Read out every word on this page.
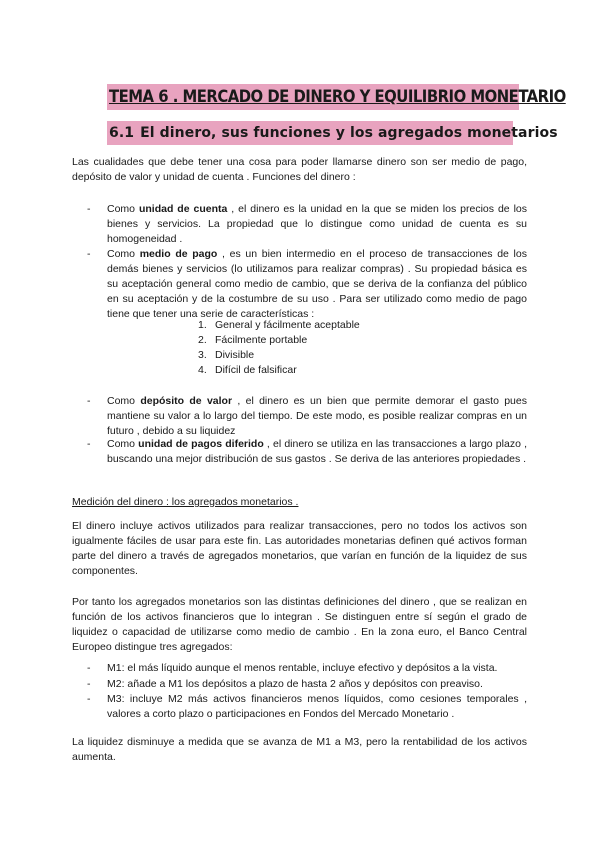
TEMA 6 . MERCADO DE DINERO Y EQUILIBRIO MONETARIO
6.1 El dinero, sus funciones y los agregados monetarios
Las cualidades que debe tener una cosa para poder llamarse dinero son ser medio de pago, depósito de valor y unidad de cuenta . Funciones del dinero :
- Como unidad de cuenta , el dinero es la unidad en la que se miden los precios de los bienes y servicios. La propiedad que lo distingue como unidad de cuenta es su homogeneidad .
- Como medio de pago , es un bien intermedio en el proceso de transacciones de los demás bienes y servicios (lo utilizamos para realizar compras) . Su propiedad básica es su aceptación general como medio de cambio, que se deriva de la confianza del público en su aceptación y de la costumbre de su uso . Para ser utilizado como medio de pago tiene que tener una serie de características :
1. General y fácilmente aceptable
2. Fácilmente portable
3. Divisible
4. Difícil de falsificar
- Como depósito de valor , el dinero es un bien que permite demorar el gasto pues mantiene su valor a lo largo del tiempo. De este modo, es posible realizar compras en un futuro , debido a su liquidez
- Como unidad de pagos diferido , el dinero se utiliza en las transacciones a largo plazo , buscando una mejor distribución de sus gastos . Se deriva de las anteriores propiedades .
Medición del dinero : los agregados monetarios .
El dinero incluye activos utilizados para realizar transacciones, pero no todos los activos son igualmente fáciles de usar para este fin. Las autoridades monetarias definen qué activos forman parte del dinero a través de agregados monetarios, que varían en función de la liquidez de sus componentes.
Por tanto los agregados monetarios son las distintas definiciones del dinero , que se realizan en función de los activos financieros que lo integran . Se distinguen entre sí según el grado de liquidez o capacidad de utilizarse como medio de cambio . En la zona euro, el Banco Central Europeo distingue tres agregados:
- M1: el más líquido aunque el menos rentable, incluye efectivo y depósitos a la vista.
- M2: añade a M1 los depósitos a plazo de hasta 2 años y depósitos con preaviso.
- M3: incluye M2 más activos financieros menos líquidos, como cesiones temporales , valores a corto plazo o participaciones en Fondos del Mercado Monetario .
La liquidez disminuye a medida que se avanza de M1 a M3, pero la rentabilidad de los activos aumenta.
